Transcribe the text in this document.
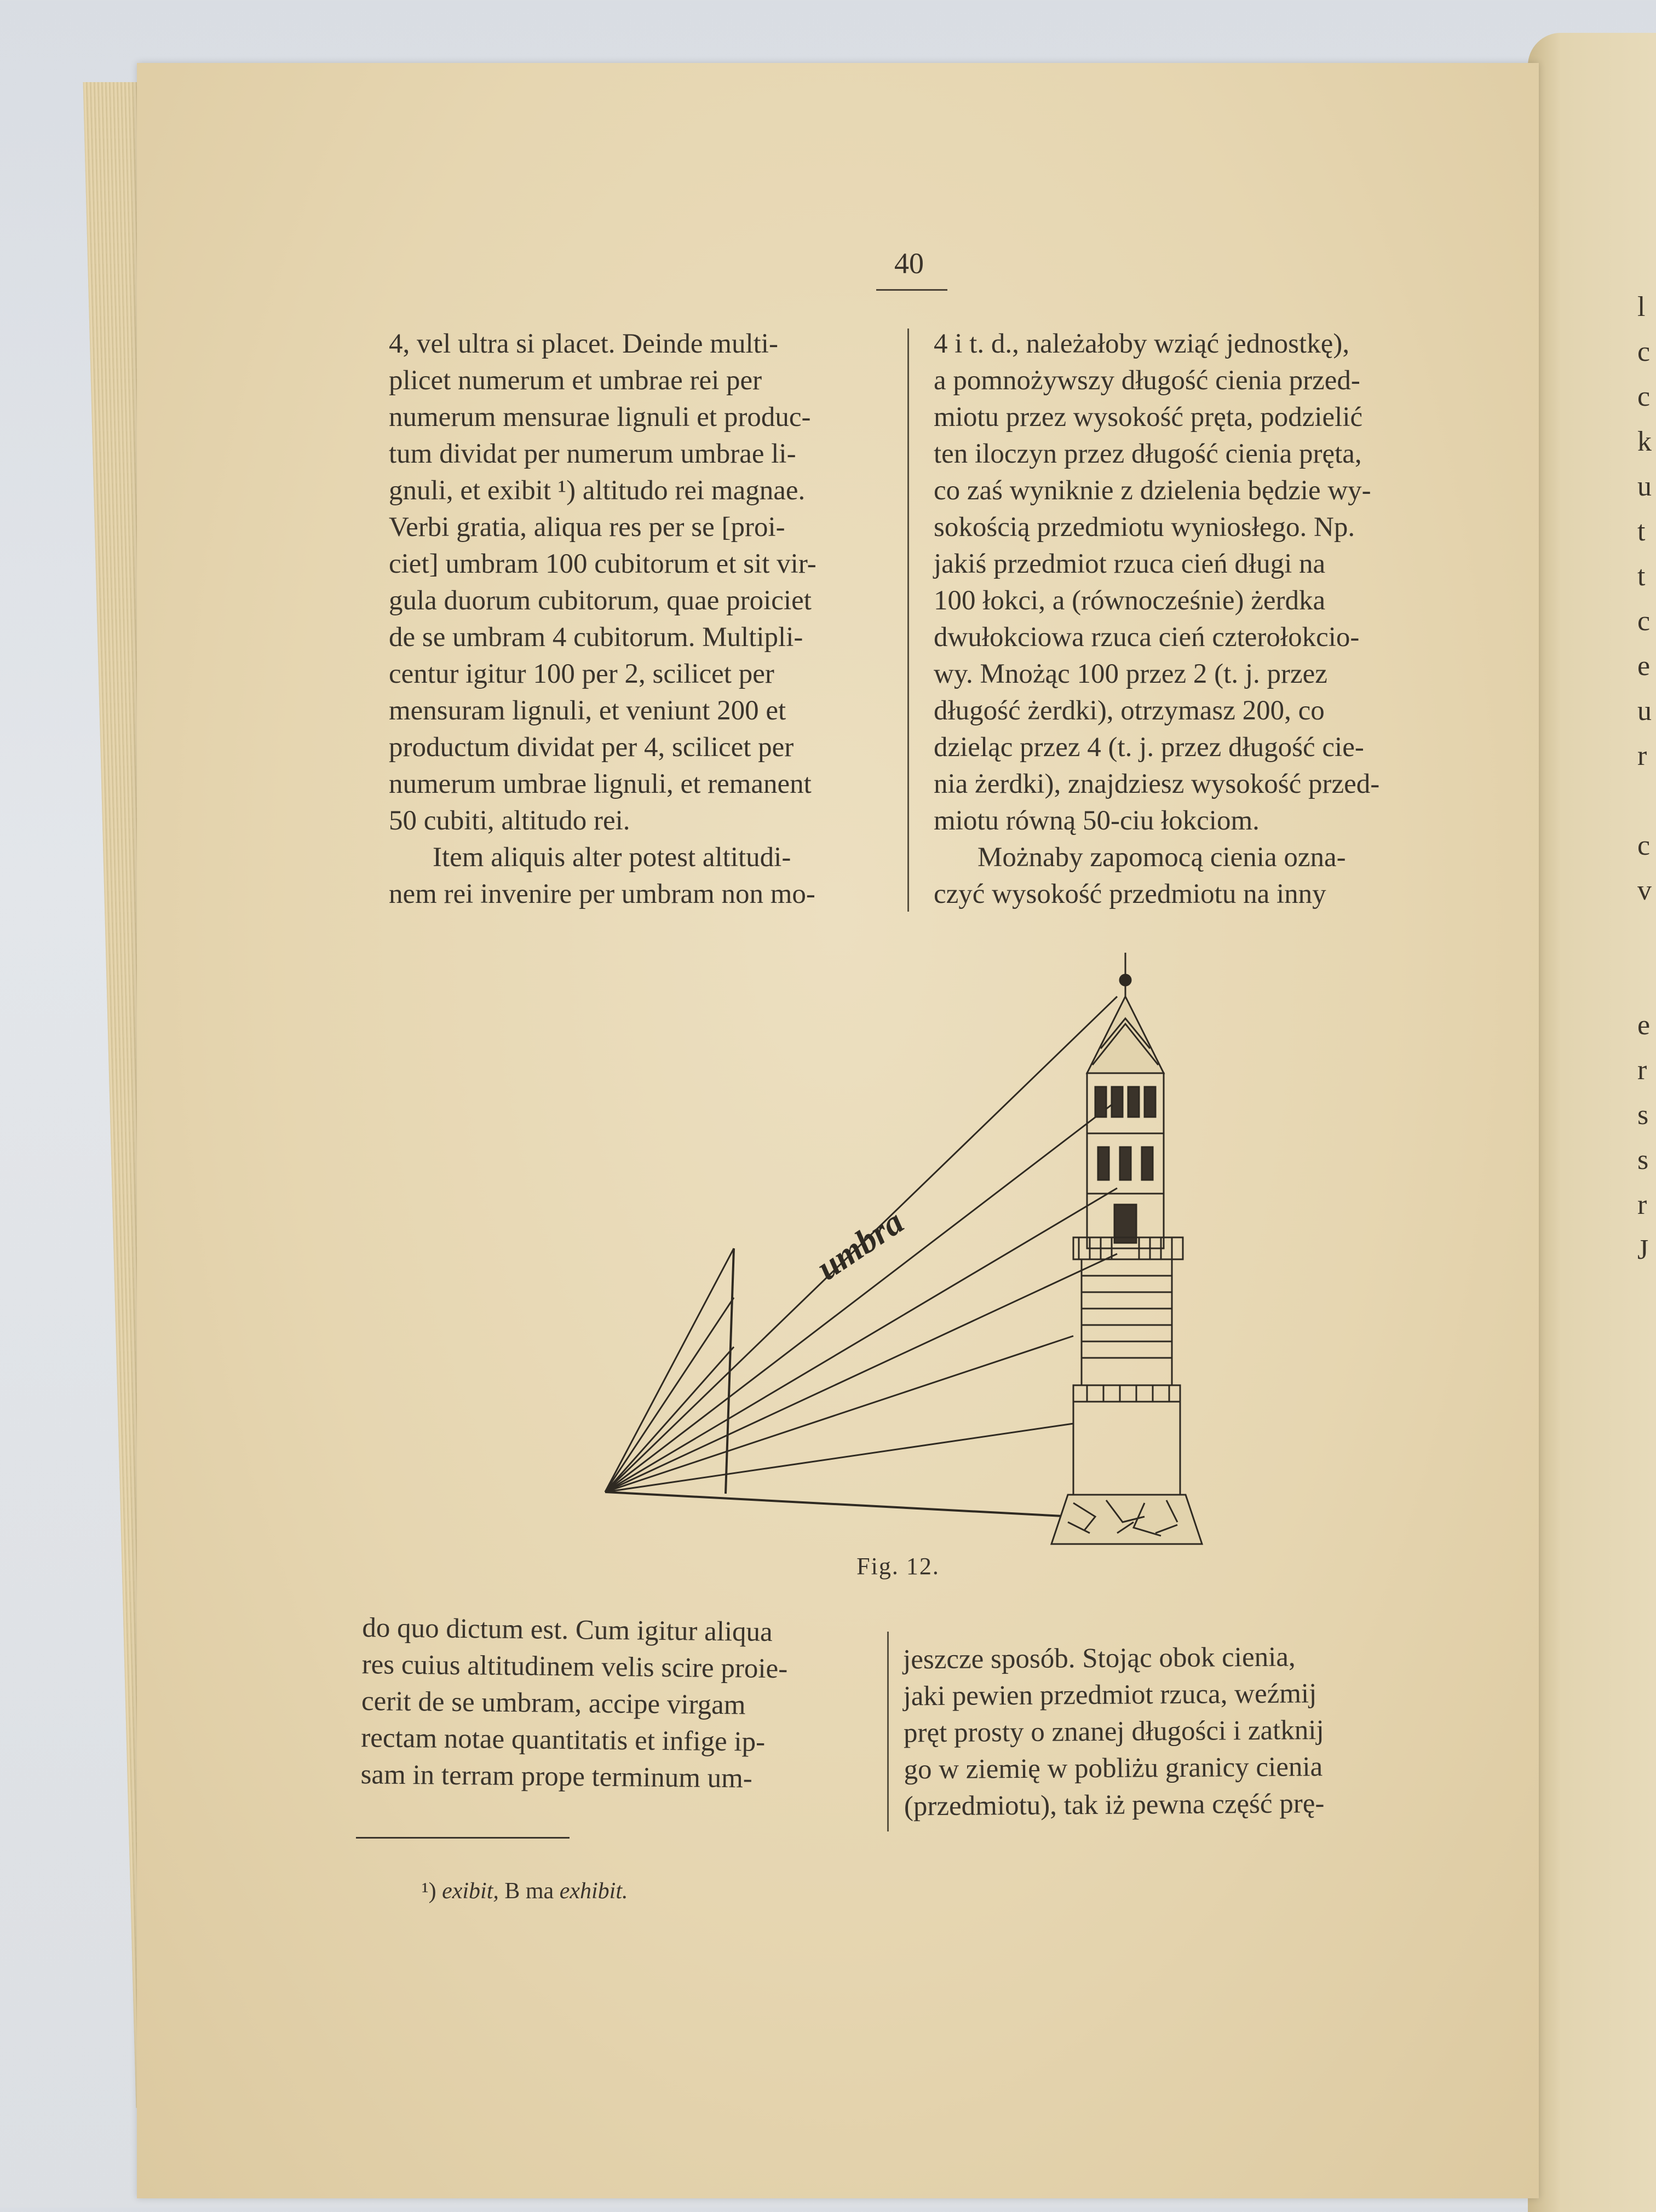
l
c
c
k
u
t
t
c
e
u
r
c
v
e
r
s
s
r
J
40
4, vel ultra si placet. Deinde multi-
plicet numerum et umbrae rei per
numerum mensurae lignuli et produc-
tum dividat per numerum umbrae li-
gnuli, et exibit ¹) altitudo rei magnae.
Verbi gratia, aliqua res per se [proi-
ciet] umbram 100 cubitorum et sit vir-
gula duorum cubitorum, quae proiciet
de se umbram 4 cubitorum. Multipli-
centur igitur 100 per 2, scilicet per
mensuram lignuli, et veniunt 200 et
productum dividat per 4, scilicet per
numerum umbrae lignuli, et remanent
50 cubiti, altitudo rei.
Item aliquis alter potest altitudi-
nem rei invenire per umbram non mo-
4 i t. d., należałoby wziąć jednostkę),
a pomnożywszy długość cienia przed-
miotu przez wysokość pręta, podzielić
ten iloczyn przez długość cienia pręta,
co zaś wyniknie z dzielenia będzie wy-
sokością przedmiotu wyniosłego. Np.
jakiś przedmiot rzuca cień długi na
100 łokci, a (równocześnie) żerdka
dwułokciowa rzuca cień czterołokcio-
wy. Mnożąc 100 przez 2 (t. j. przez
długość żerdki), otrzymasz 200, co
dzieląc przez 4 (t. j. przez długość cie-
nia żerdki), znajdziesz wysokość przed-
miotu równą 50-ciu łokciom.
Możnaby zapomocą cienia ozna-
czyć wysokość przedmiotu na inny
umbra
Fig. 12.
do quo dictum est. Cum igitur aliqua
res cuius altitudinem velis scire proie-
cerit de se umbram, accipe virgam
rectam notae quantitatis et infige ip-
sam in terram prope terminum um-
jeszcze sposób. Stojąc obok cienia,
jaki pewien przedmiot rzuca, weźmij
pręt prosty o znanej długości i zatknij
go w ziemię w pobliżu granicy cienia
(przedmiotu), tak iż pewna część prę-
¹) exibit, B ma exhibit.
